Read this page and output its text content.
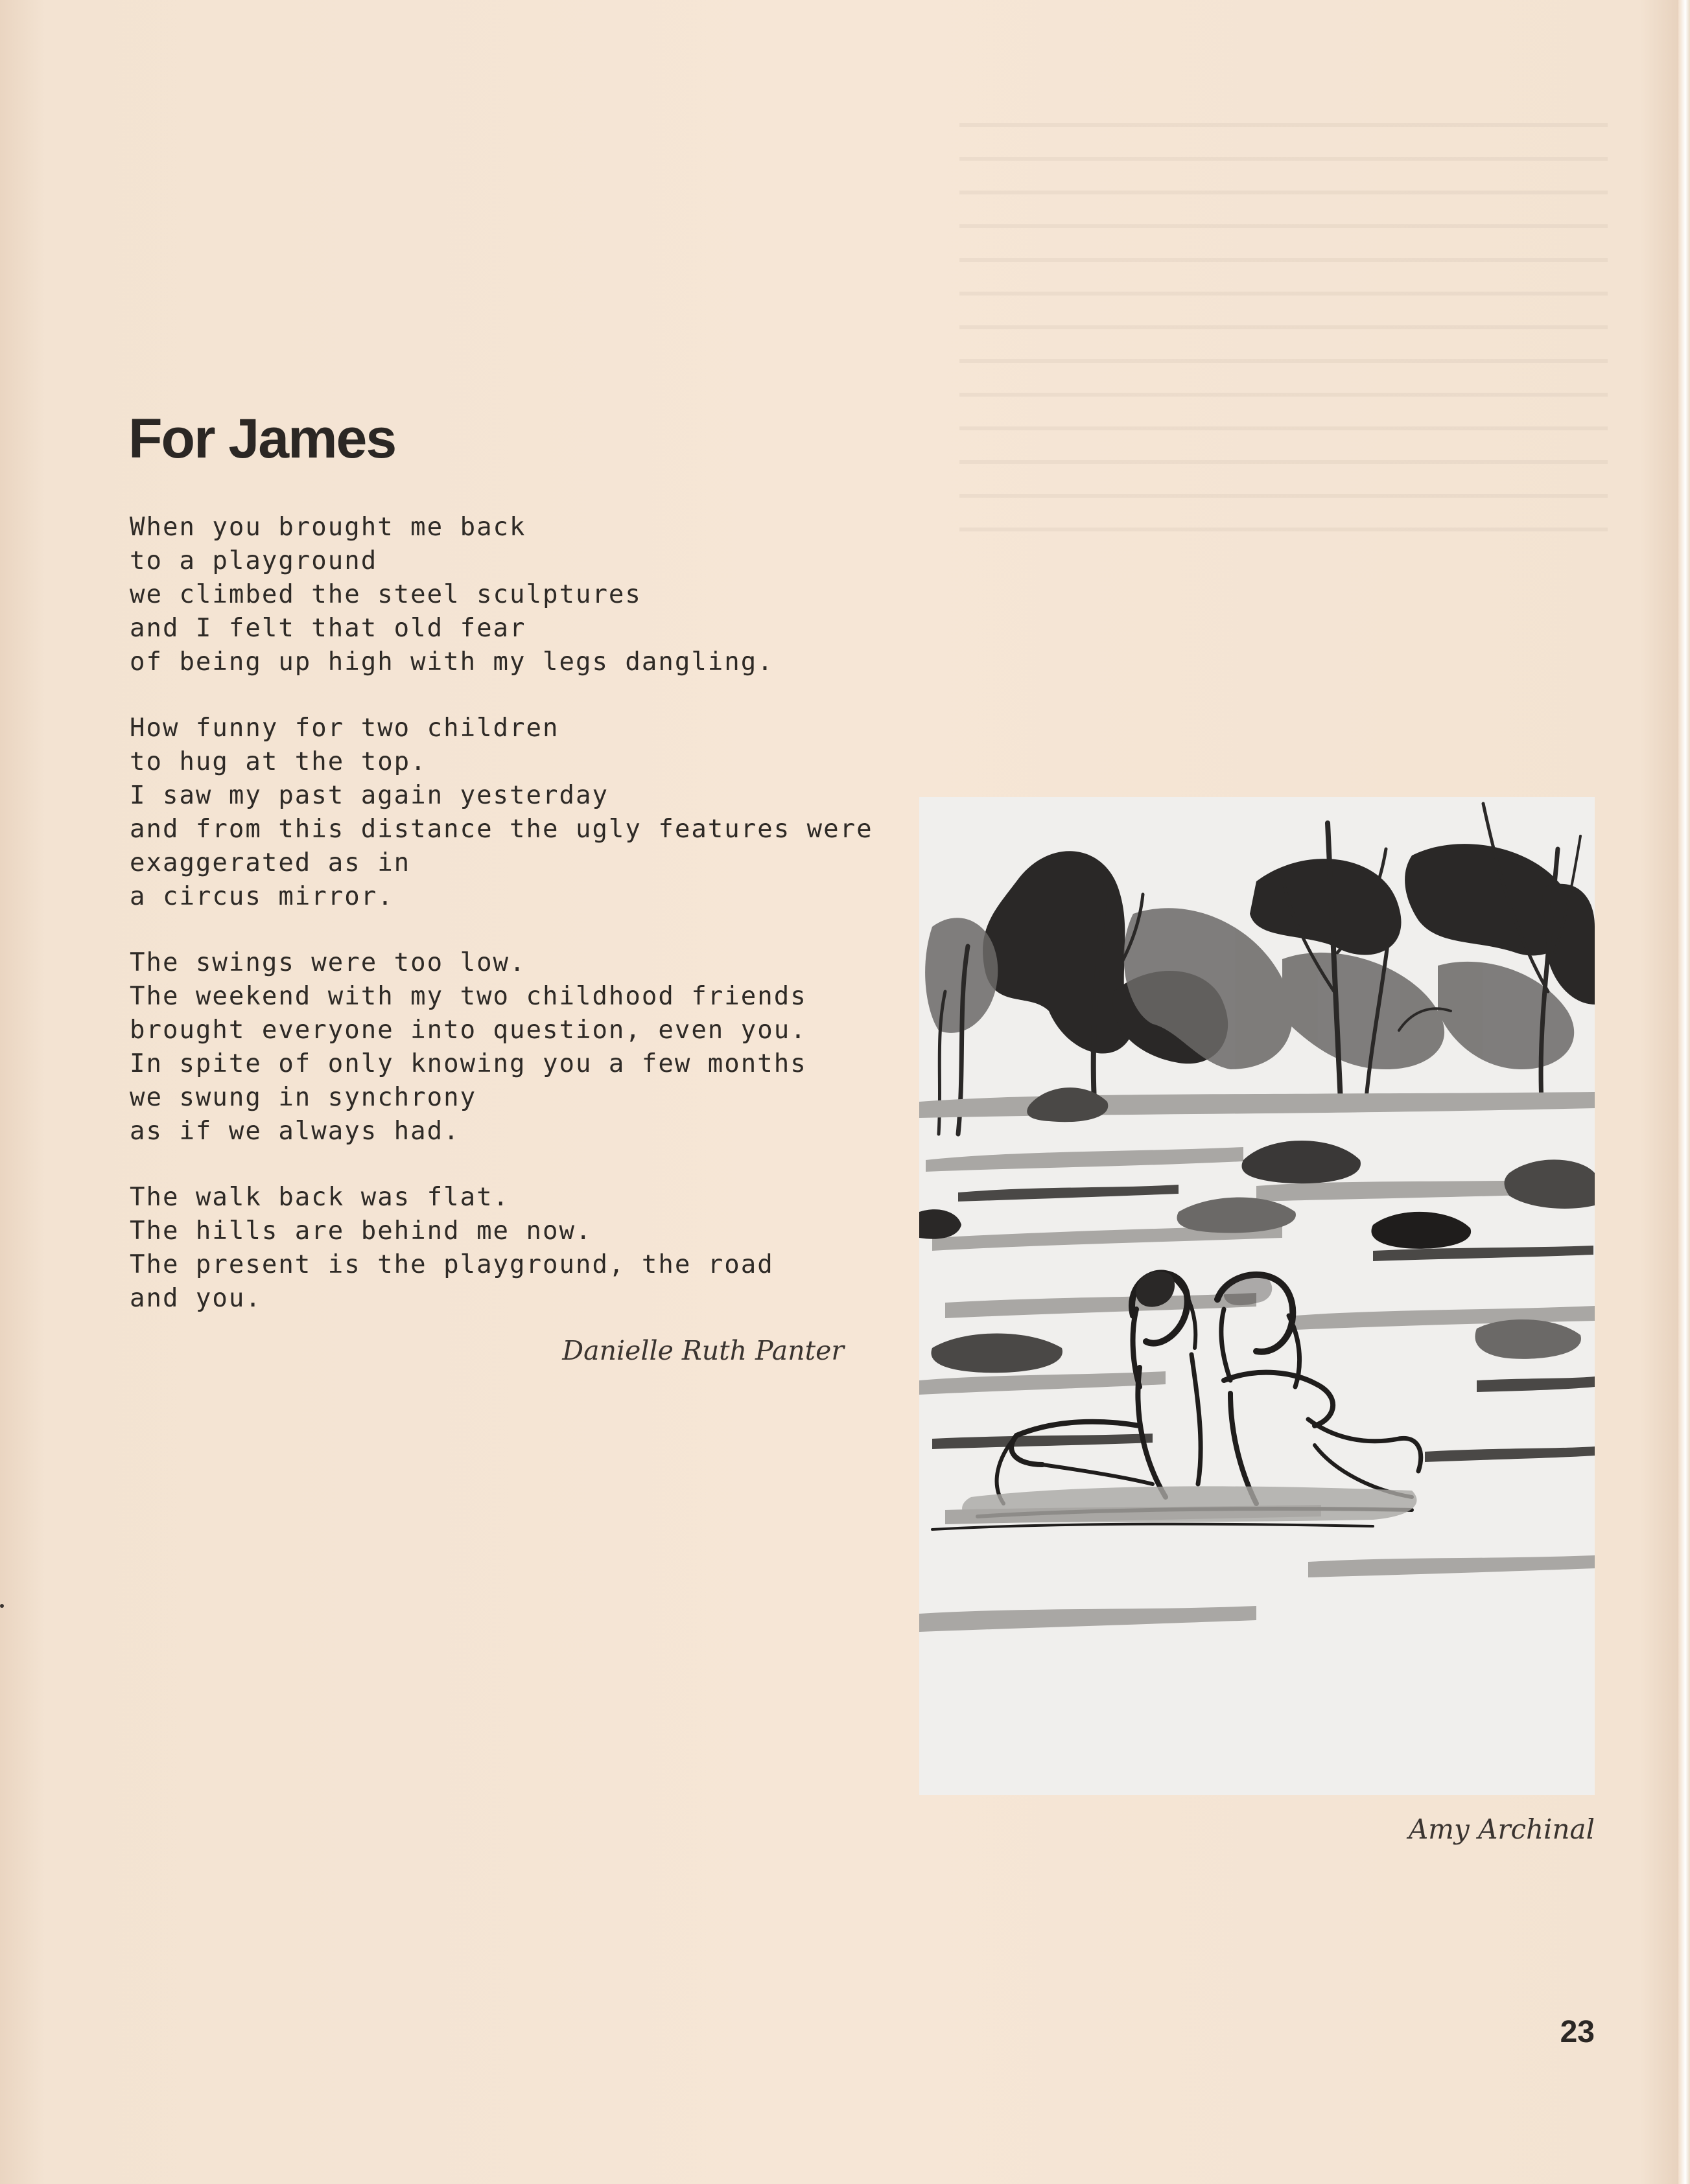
For James

When you brought me back
to a playground
we climbed the steel sculptures
and I felt that old fear
of being up high with my legs dangling.

How funny for two children
to hug at the top.
I saw my past again yesterday
and from this distance the ugly features were
exaggerated as in
a circus mirror.

The swings were too low.
The weekend with my two childhood friends
brought everyone into question, even you.
In spite of only knowing you a few months
we swung in synchrony
as if we always had.

The walk back was flat.
The hills are behind me now.
The present is the playground, the road
and you.

Danielle Ruth Panter
Amy Archinal
23
